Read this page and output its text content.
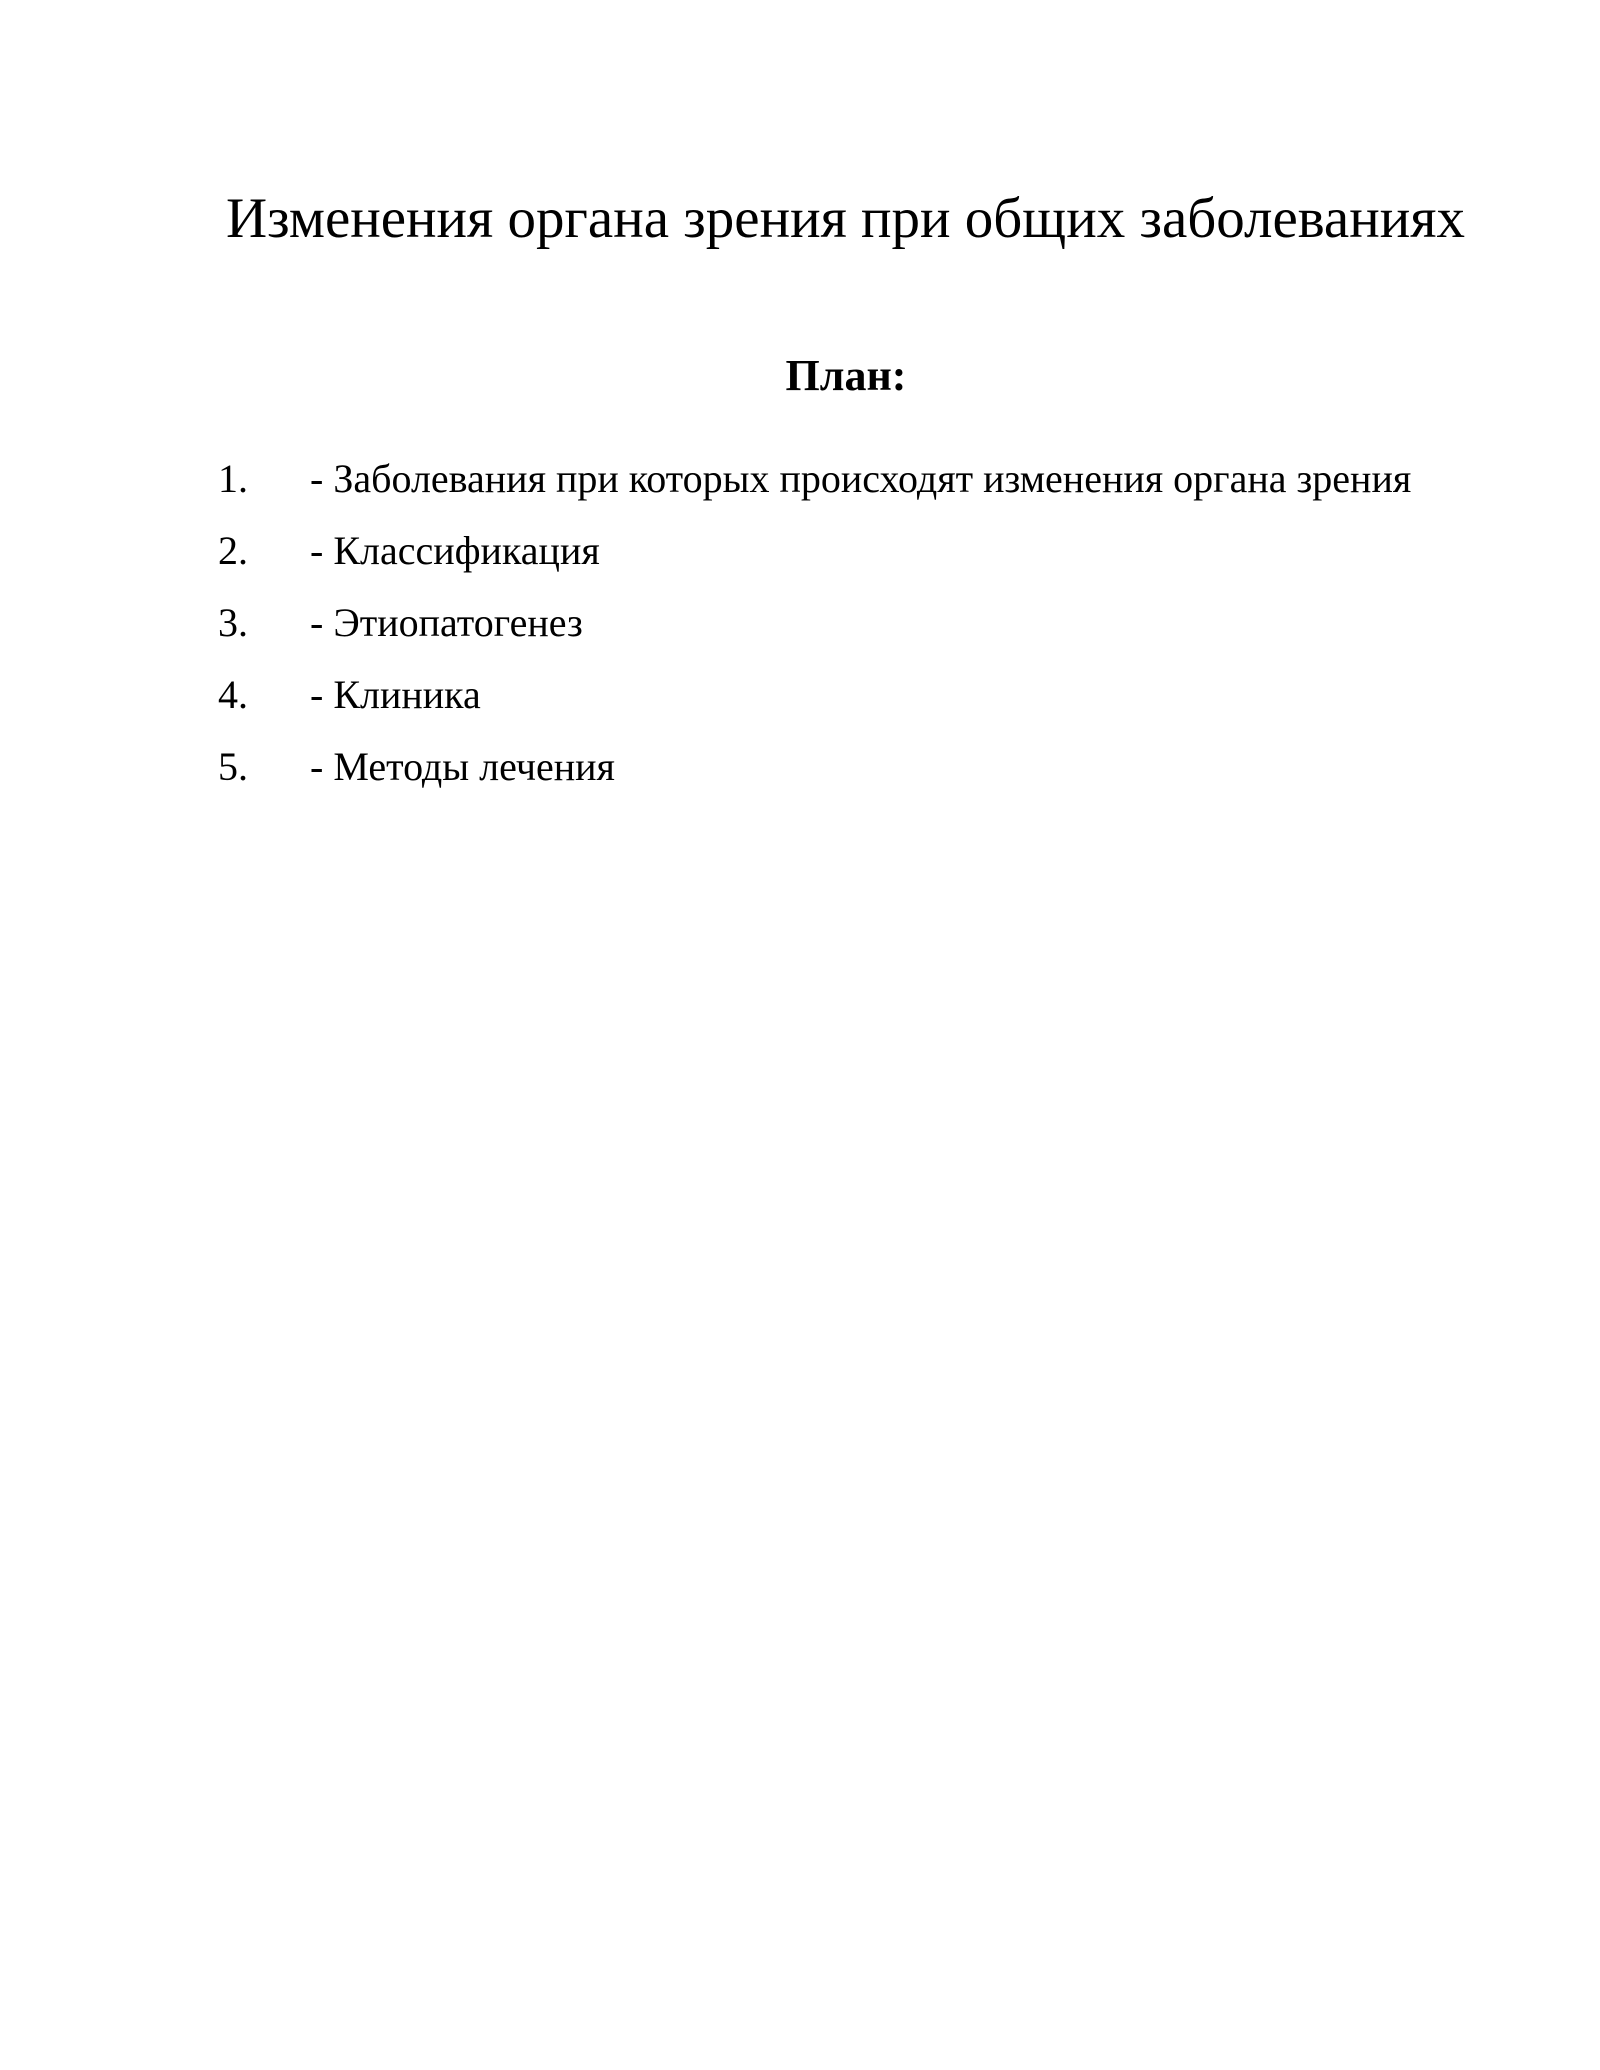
Изменения органа зрения при общих заболеваниях
План:
1. - Заболевания при которых происходят изменения органа зрения
2. - Классификация
3. - Этиопатогенез
4. - Клиника
5. - Методы лечения
